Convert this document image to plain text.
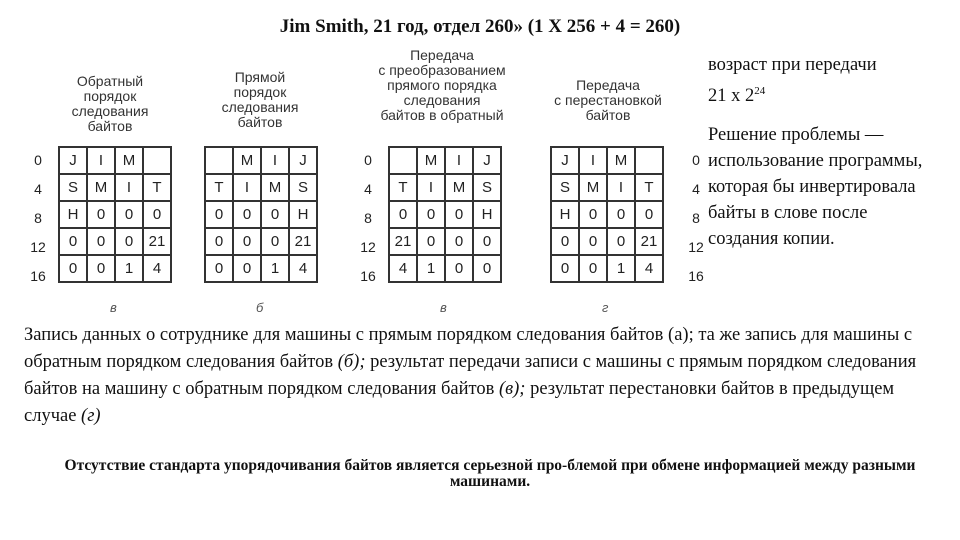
Jim Smith, 21 год, отдел 260» (1 X 256 + 4 = 260)
Обратный
порядок
следования
байтов
J	I	M	
S	M	I	T
H	0	0	0
0	0	0	21
0	0	1	4
0
4
8
12
16
в
Прямой
порядок
следования
байтов
	M	I	J
T	I	M	S
0	0	0	H
0	0	0	21
0	0	1	4
б
Передача
с преобразованием
прямого порядка
следования
байтов в обратный
	M	I	J
T	I	M	S
0	0	0	H
21	0	0	0
4	1	0	0
0
4
8
12
16
в
Передача
с перестановкой
байтов
J	I	M	
S	M	I	T
H	0	0	0
0	0	0	21
0	0	1	4
0
4
8
12
16
г
возраст при передачи
21 x $2^{24}$
Решение проблемы — использование программы, которая бы инвертировала байты в слове после создания копии.
Запись данных о сотруднике для машины с прямым порядком следования байтов (а); та же запись для машины с обратным порядком следования байтов (б); результат передачи записи с машины с прямым порядком следования байтов на машину с обратным порядком следования байтов (в); результат перестановки байтов в предыдущем случае (г)
Отсутствие стандарта упорядочивания байтов является серьезной про-блемой при обмене информацией между разными машинами.
